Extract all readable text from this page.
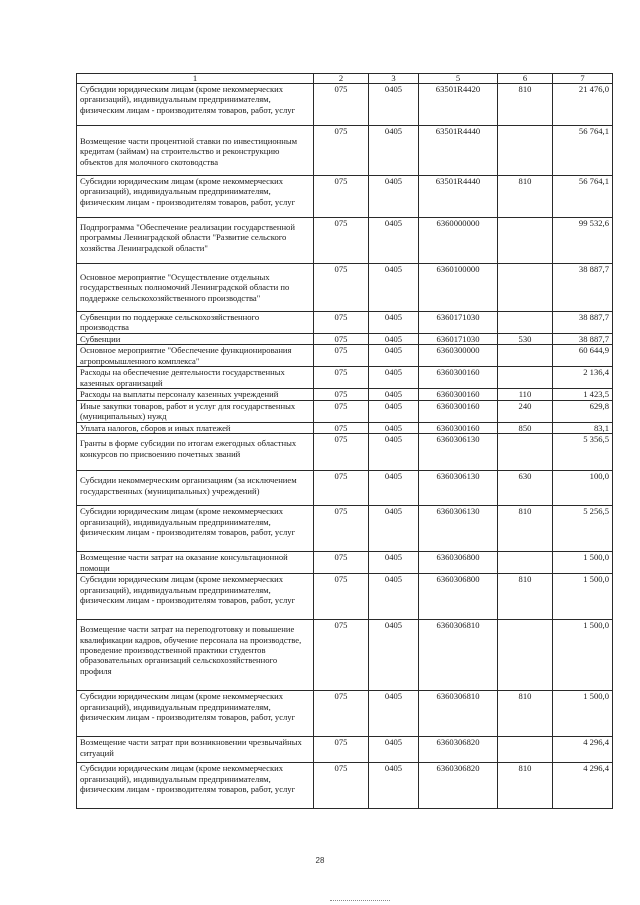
1	2	3	5	6	7
Субсидии юридическим лицам (кроме некоммерческих организаций), индивидуальным предпринимателям, физическим лицам - производителям товаров, работ, услуг	075	0405	63501R4420	810	21 476,0
Возмещение части процентной ставки по инвестиционным кредитам (займам) на строительство и реконструкцию объектов для молочного скотоводства	075	0405	63501R4440		56 764,1
Субсидии юридическим лицам (кроме некоммерческих организаций), индивидуальным предпринимателям, физическим лицам - производителям товаров, работ, услуг	075	0405	63501R4440	810	56 764,1
Подпрограмма "Обеспечение реализации государственной программы Ленинградской области "Развитие сельского хозяйства Ленинградской области"	075	0405	6360000000		99 532,6
Основное мероприятие "Осуществление отдельных государственных полномочий Ленинградской области по поддержке сельскохозяйственного производства"	075	0405	6360100000		38 887,7
Субвенции по поддержке сельскохозяйственного производства	075	0405	6360171030		38 887,7
Субвенции	075	0405	6360171030	530	38 887,7
Основное мероприятие "Обеспечение функционирования агропромышленного комплекса"	075	0405	6360300000		60 644,9
Расходы на обеспечение деятельности государственных казенных организаций	075	0405	6360300160		2 136,4
Расходы на выплаты персоналу казенных учреждений	075	0405	6360300160	110	1 423,5
Иные закупки товаров, работ и услуг для государственных (муниципальных) нужд	075	0405	6360300160	240	629,8
Уплата налогов, сборов и иных платежей	075	0405	6360300160	850	83,1
Гранты в форме субсидии по итогам ежегодных областных конкурсов по присвоению почетных званий	075	0405	6360306130		5 356,5
Субсидии некоммерческим организациям (за исключением государственных (муниципальных) учреждений)	075	0405	6360306130	630	100,0
Субсидии юридическим лицам (кроме некоммерческих организаций), индивидуальным предпринимателям, физическим лицам - производителям товаров, работ, услуг	075	0405	6360306130	810	5 256,5
Возмещение части затрат на оказание консультационной помощи	075	0405	6360306800		1 500,0
Субсидии юридическим лицам (кроме некоммерческих организаций), индивидуальным предпринимателям, физическим лицам - производителям товаров, работ, услуг	075	0405	6360306800	810	1 500,0
Возмещение части затрат на переподготовку и повышение квалификации кадров, обучение персонала на производстве, проведение производственной практики студентов образовательных организаций сельскохозяйственного профиля	075	0405	6360306810		1 500,0
Субсидии юридическим лицам (кроме некоммерческих организаций), индивидуальным предпринимателям, физическим лицам - производителям товаров, работ, услуг	075	0405	6360306810	810	1 500,0
Возмещение части затрат при возникновении чрезвычайных ситуаций	075	0405	6360306820		4 296,4
Субсидии юридическим лицам (кроме некоммерческих организаций), индивидуальным предпринимателям, физическим лицам - производителям товаров, работ, услуг	075	0405	6360306820	810	4 296,4
28
